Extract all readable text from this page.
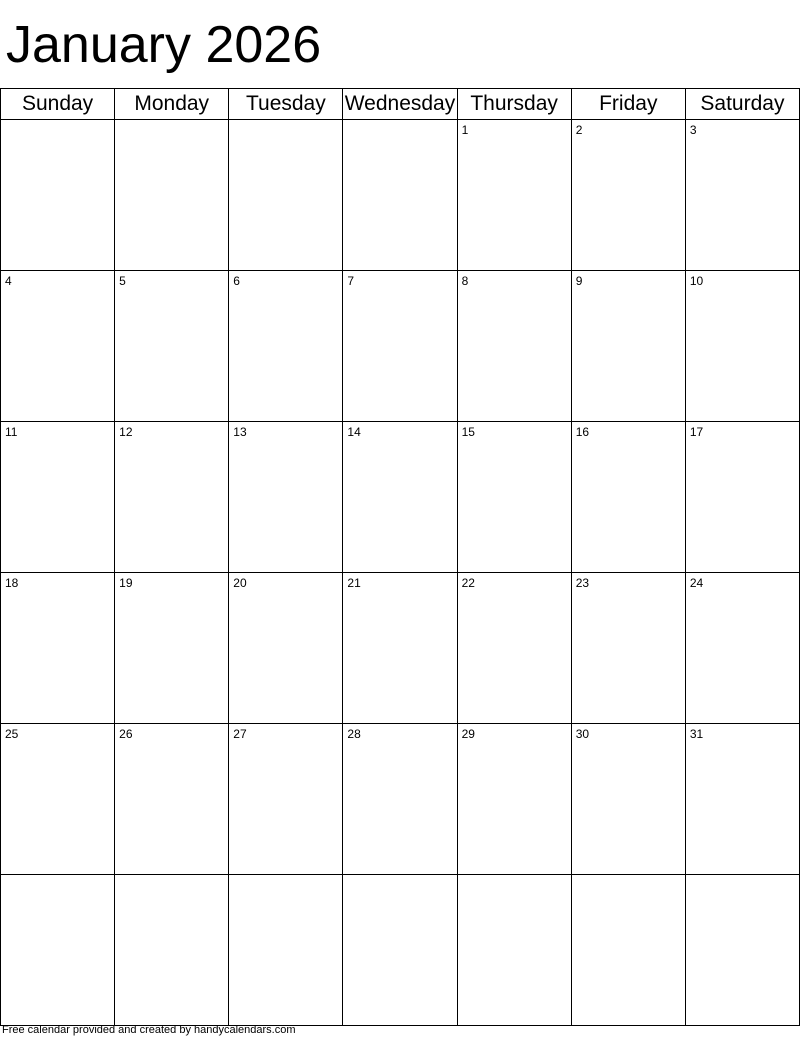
January 2026
Sunday	Monday	Tuesday	Wednesday	Thursday	Friday	Saturday

				1	2	3

4	5	6	7	8	9	10

11	12	13	14	15	16	17

18	19	20	21	22	23	24

25	26	27	28	29	30	31

Free calendar provided and created by handycalendars.com
